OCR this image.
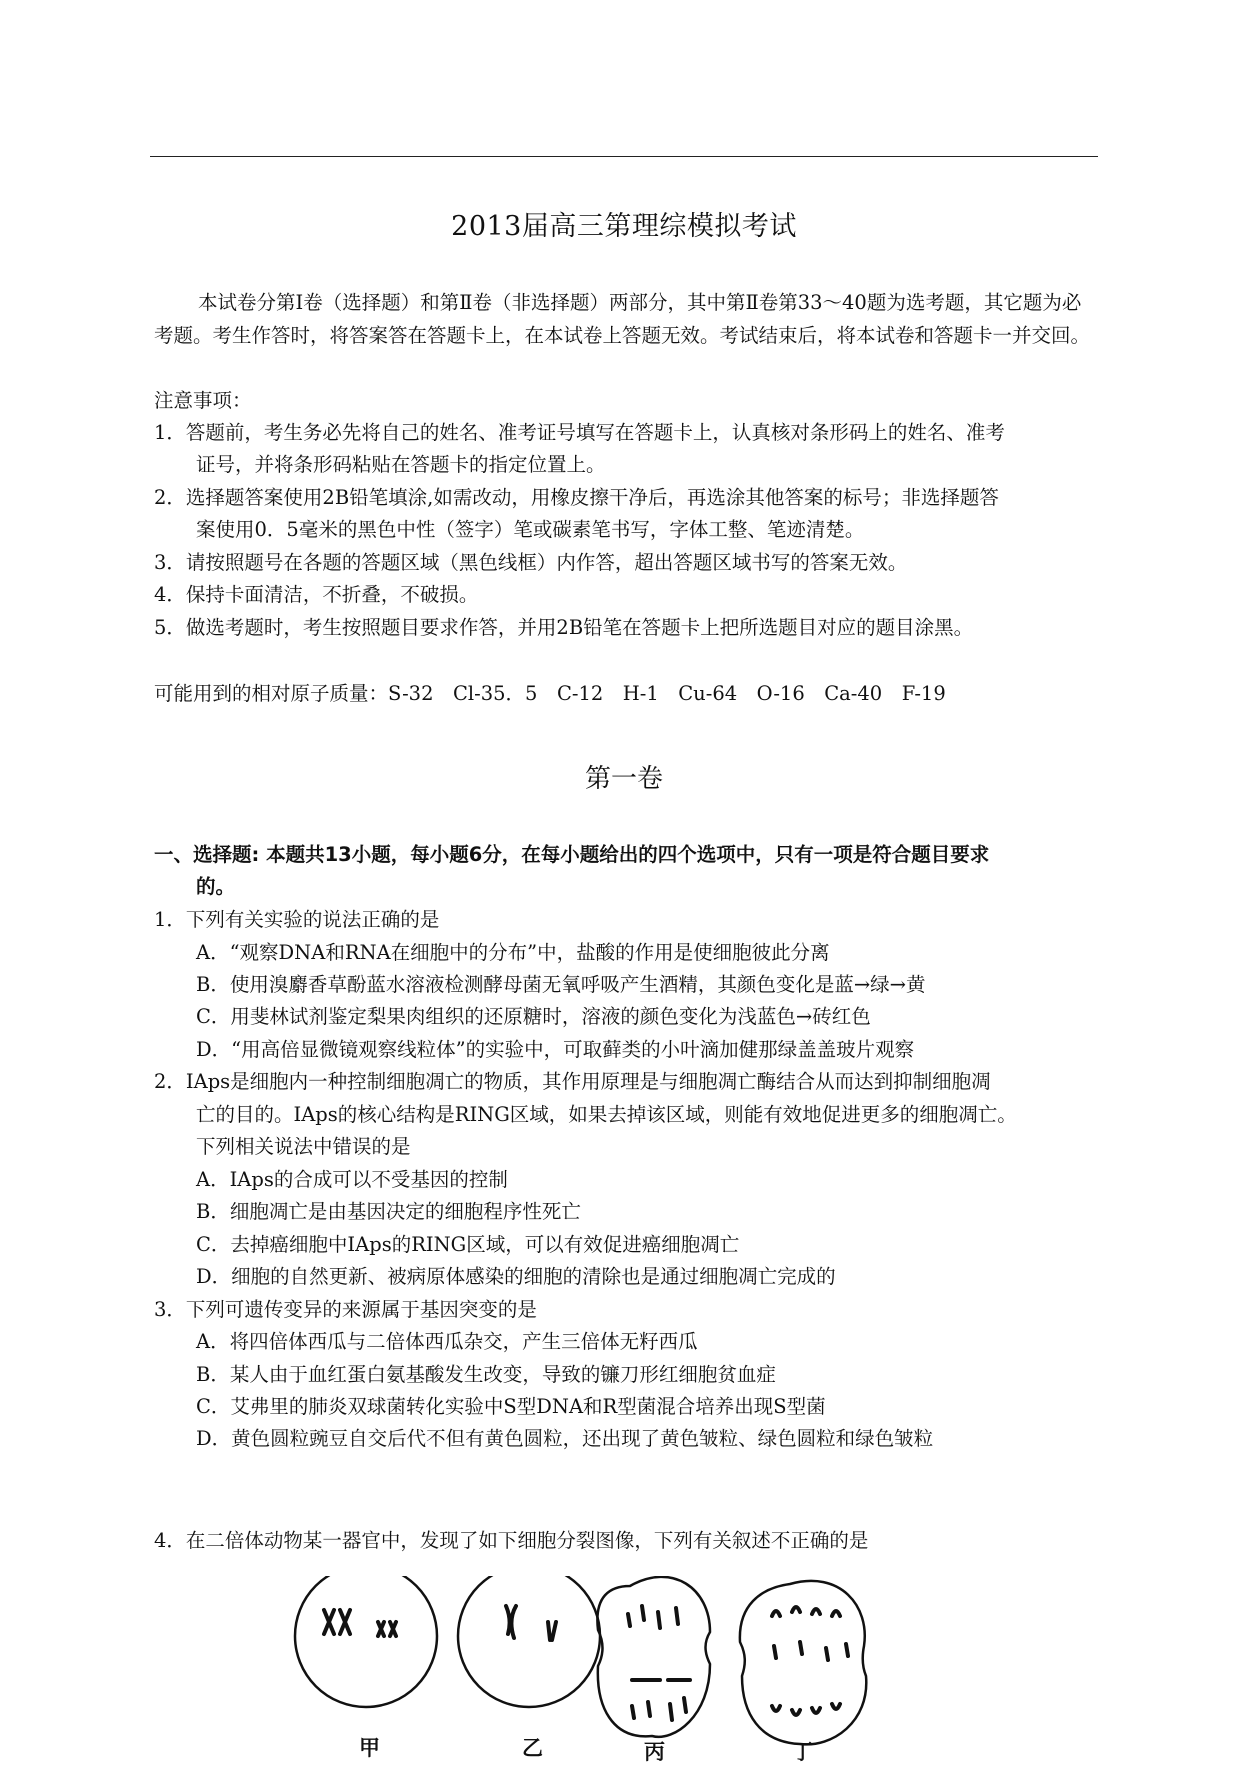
2013届高三第理综模拟考试
本试卷分第Ⅰ卷（选择题）和第Ⅱ卷（非选择题）两部分，其中第Ⅱ卷第33～40题为选考题，其它题为必考题。考生作答时，将答案答在答题卡上，在本试卷上答题无效。考试结束后，将本试卷和答题卡一并交回。
注意事项：
1．答题前，考生务必先将自己的姓名、准考证号填写在答题卡上，认真核对条形码上的姓名、准考
证号，并将条形码粘贴在答题卡的指定位置上。
2．选择题答案使用2B铅笔填涂,如需改动，用橡皮擦干净后，再选涂其他答案的标号；非选择题答
案使用0．5毫米的黑色中性（签字）笔或碳素笔书写，字体工整、笔迹清楚。
3．请按照题号在各题的答题区域（黑色线框）内作答，超出答题区域书写的答案无效。
4．保持卡面清洁，不折叠，不破损。
5．做选考题时，考生按照题目要求作答，并用2B铅笔在答题卡上把所选题目对应的题目涂黑。
可能用到的相对原子质量：S-32　Cl-35．5　C-12　H-1　Cu-64　O-16　Ca-40　F-19
第一卷
一、选择题: 本题共13小题，每小题6分，在每小题给出的四个选项中，只有一项是符合题目要求
的。
1．下列有关实验的说法正确的是
A．“观察DNA和RNA在细胞中的分布”中，盐酸的作用是使细胞彼此分离
B．使用溴麝香草酚蓝水溶液检测酵母菌无氧呼吸产生酒精，其颜色变化是蓝→绿→黄
C．用斐林试剂鉴定梨果肉组织的还原糖时，溶液的颜色变化为浅蓝色→砖红色
D．“用高倍显微镜观察线粒体”的实验中，可取藓类的小叶滴加健那绿盖盖玻片观察
2．IAps是细胞内一种控制细胞凋亡的物质，其作用原理是与细胞凋亡酶结合从而达到抑制细胞凋
亡的目的。IAps的核心结构是RING区域，如果去掉该区域，则能有效地促进更多的细胞凋亡。
下列相关说法中错误的是
A．IAps的合成可以不受基因的控制
B．细胞凋亡是由基因决定的细胞程序性死亡
C．去掉癌细胞中IAps的RING区域，可以有效促进癌细胞凋亡
D．细胞的自然更新、被病原体感染的细胞的清除也是通过细胞凋亡完成的
3．下列可遗传变异的来源属于基因突变的是
A．将四倍体西瓜与二倍体西瓜杂交，产生三倍体无籽西瓜
B．某人由于血红蛋白氨基酸发生改变，导致的镰刀形红细胞贫血症
C．艾弗里的肺炎双球菌转化实验中S型DNA和R型菌混合培养出现S型菌
D．黄色圆粒豌豆自交后代不但有黄色圆粒，还出现了黄色皱粒、绿色圆粒和绿色皱粒
4．在二倍体动物某一器官中，发现了如下细胞分裂图像，下列有关叙述不正确的是
甲	乙	丙	丁
